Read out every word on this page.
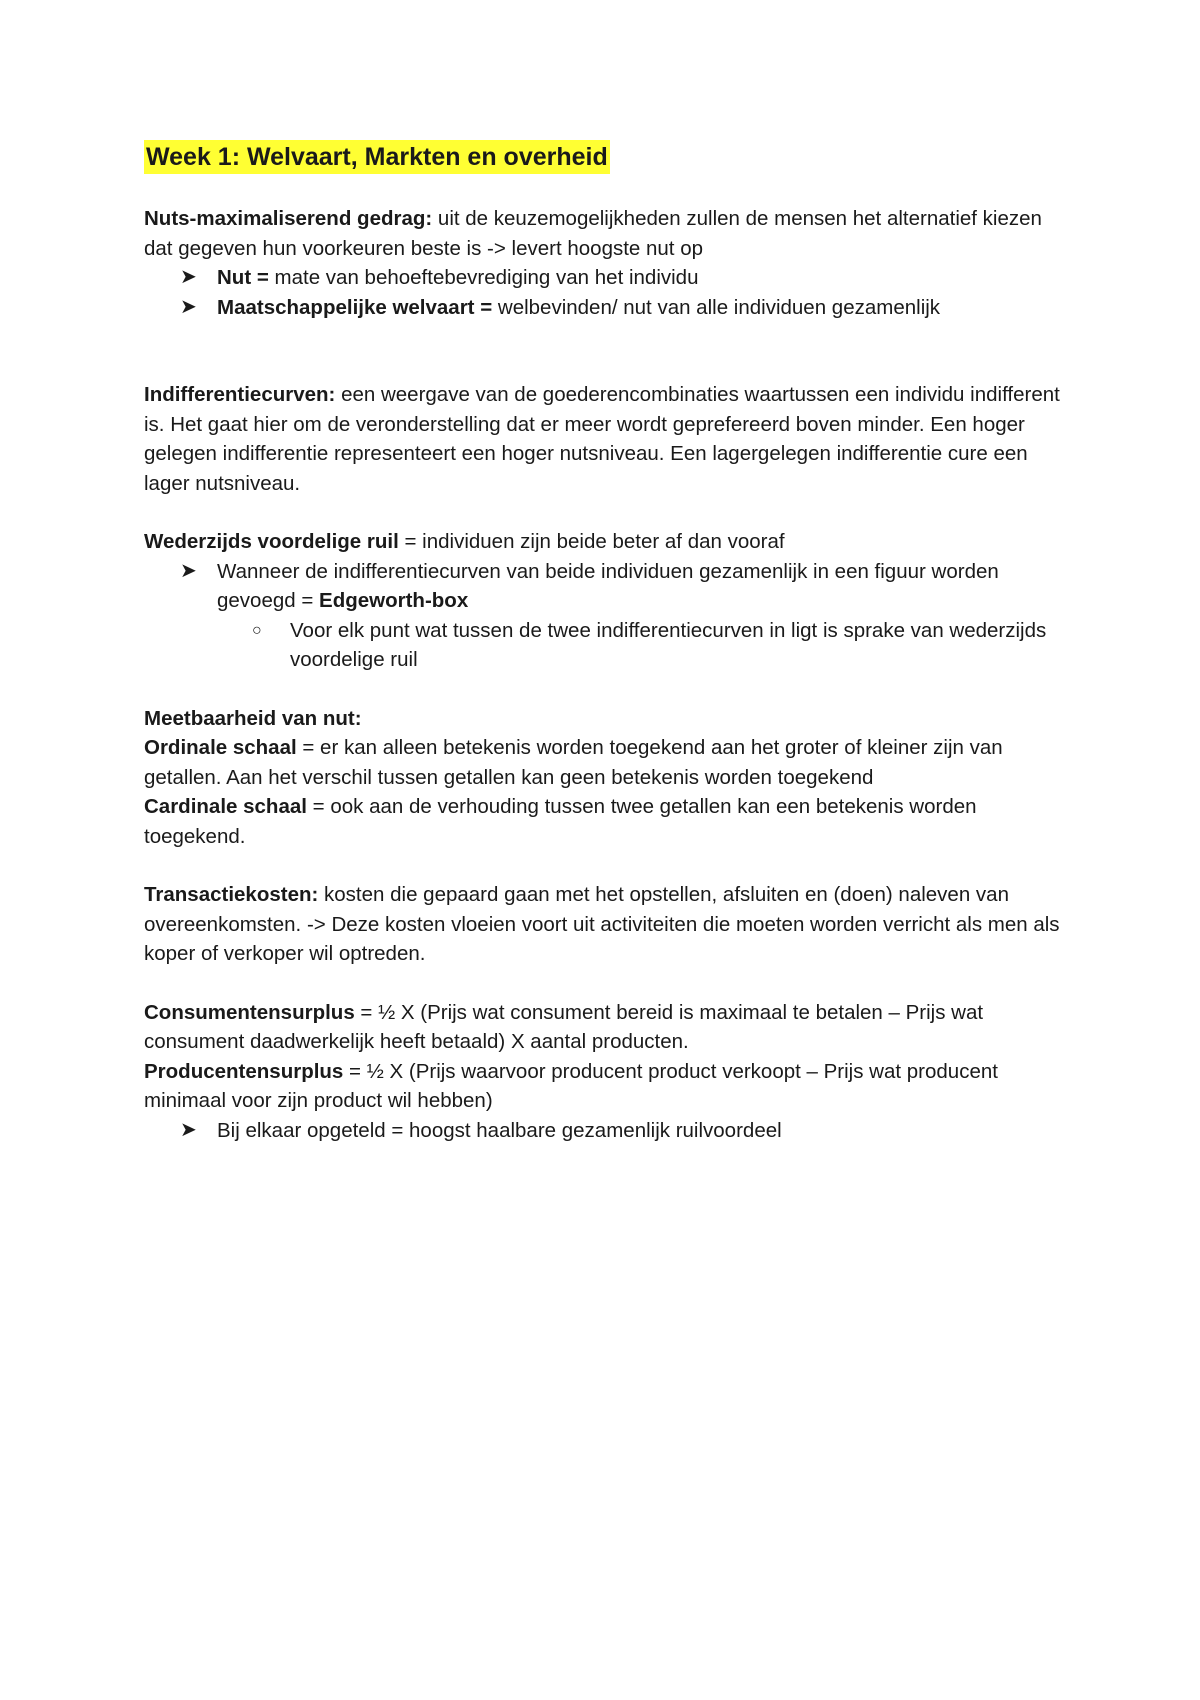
Week 1: Welvaart, Markten en overheid

Nuts-maximaliserend gedrag: uit de keuzemogelijkheden zullen de mensen het alternatief kiezen dat gegeven hun voorkeuren beste is -> levert hoogste nut op

➤ Nut = mate van behoeftebevrediging van het individu
➤ Maatschappelijke welvaart = welbevinden/ nut van alle individuen gezamenlijk

Indifferentiecurven: een weergave van de goederencombinaties waartussen een individu indifferent is. Het gaat hier om de veronderstelling dat er meer wordt geprefereerd boven minder. Een hoger gelegen indifferentie representeert een hoger nutsniveau. Een lagergelegen indifferentie cure een lager nutsniveau.

Wederzijds voordelige ruil = individuen zijn beide beter af dan vooraf

➤ Wanneer de indifferentiecurven van beide individuen gezamenlijk in een figuur worden gevoegd = Edgeworth-box
○ Voor elk punt wat tussen de twee indifferentiecurven in ligt is sprake van wederzijds voordelige ruil

Meetbaarheid van nut:

Ordinale schaal = er kan alleen betekenis worden toegekend aan het groter of kleiner zijn van getallen. Aan het verschil tussen getallen kan geen betekenis worden toegekend

Cardinale schaal = ook aan de verhouding tussen twee getallen kan een betekenis worden toegekend.

Transactiekosten: kosten die gepaard gaan met het opstellen, afsluiten en (doen) naleven van overeenkomsten. -> Deze kosten vloeien voort uit activiteiten die moeten worden verricht als men als koper of verkoper wil optreden.

Consumentensurplus = ½ X (Prijs wat consument bereid is maximaal te betalen – Prijs wat consument daadwerkelijk heeft betaald) X aantal producten.

Producentensurplus = ½ X (Prijs waarvoor producent product verkoopt – Prijs wat producent minimaal voor zijn product wil hebben)

➤ Bij elkaar opgeteld = hoogst haalbare gezamenlijk ruilvoordeel
